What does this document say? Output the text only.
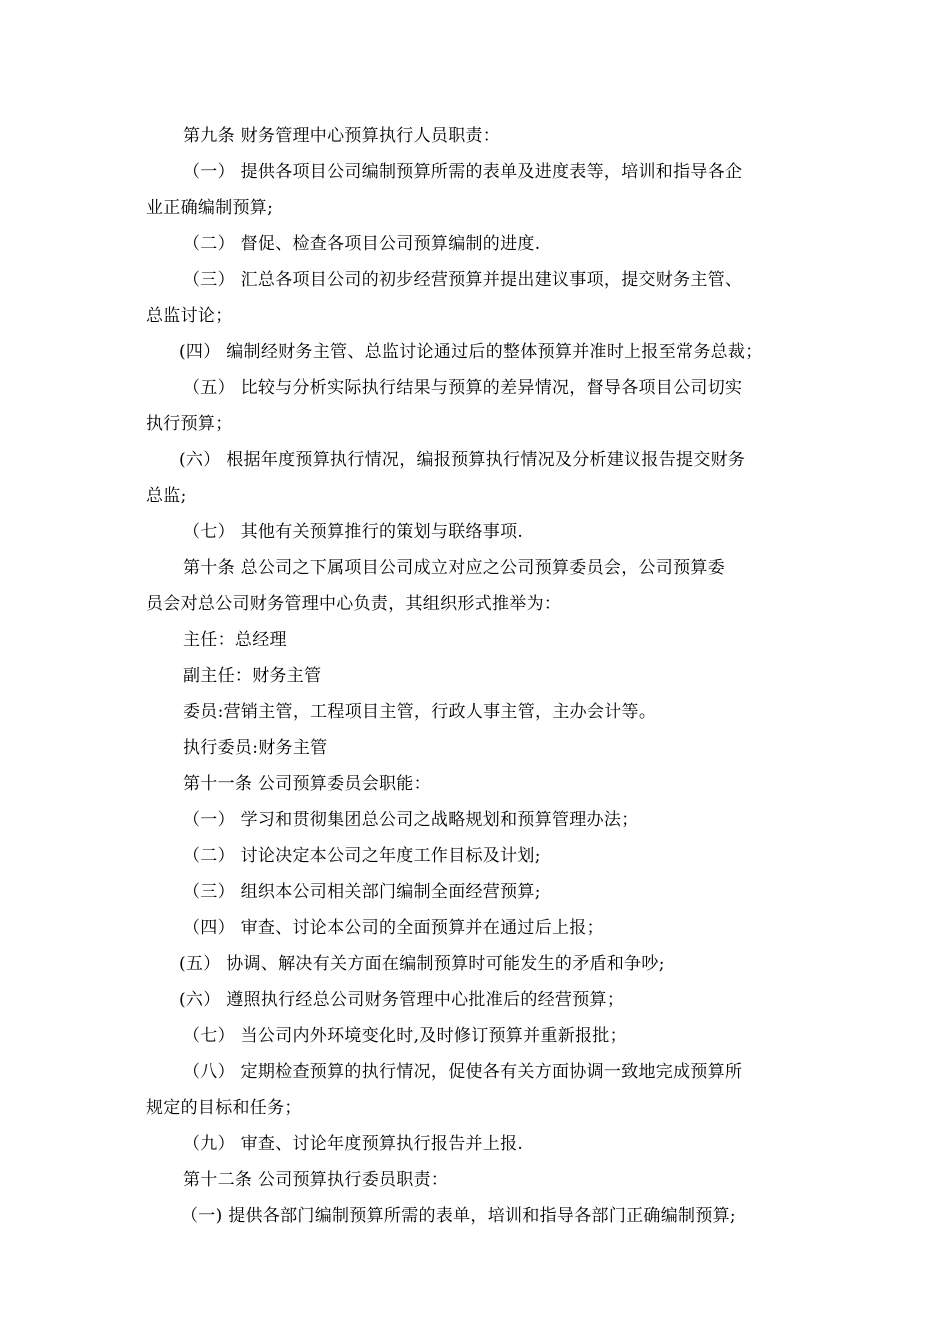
第九条 财务管理中心预算执行人员职责：
（一） 提供各项目公司编制预算所需的表单及进度表等，培训和指导各企
业正确编制预算;
（二） 督促、检查各项目公司预算编制的进度.
（三） 汇总各项目公司的初步经营预算并提出建议事项，提交财务主管、
总监讨论；
(四） 编制经财务主管、总监讨论通过后的整体预算并准时上报至常务总裁；
（五） 比较与分析实际执行结果与预算的差异情况，督导各项目公司切实
执行预算；
(六） 根据年度预算执行情况，编报预算执行情况及分析建议报告提交财务
总监;
（七） 其他有关预算推行的策划与联络事项.
第十条 总公司之下属项目公司成立对应之公司预算委员会，公司预算委
员会对总公司财务管理中心负责，其组织形式推举为：
主任：总经理
副主任：财务主管
委员:营销主管，工程项目主管，行政人事主管，主办会计等。
执行委员:财务主管
第十一条 公司预算委员会职能：
（一） 学习和贯彻集团总公司之战略规划和预算管理办法；
（二） 讨论决定本公司之年度工作目标及计划;
（三） 组织本公司相关部门编制全面经营预算;
（四） 审查、讨论本公司的全面预算并在通过后上报；
(五） 协调、解决有关方面在编制预算时可能发生的矛盾和争吵;
(六） 遵照执行经总公司财务管理中心批准后的经营预算；
（七） 当公司内外环境变化时,及时修订预算并重新报批；
（八） 定期检查预算的执行情况，促使各有关方面协调一致地完成预算所
规定的目标和任务；
（九） 审查、讨论年度预算执行报告并上报.
第十二条 公司预算执行委员职责：
（一) 提供各部门编制预算所需的表单，培训和指导各部门正确编制预算;
